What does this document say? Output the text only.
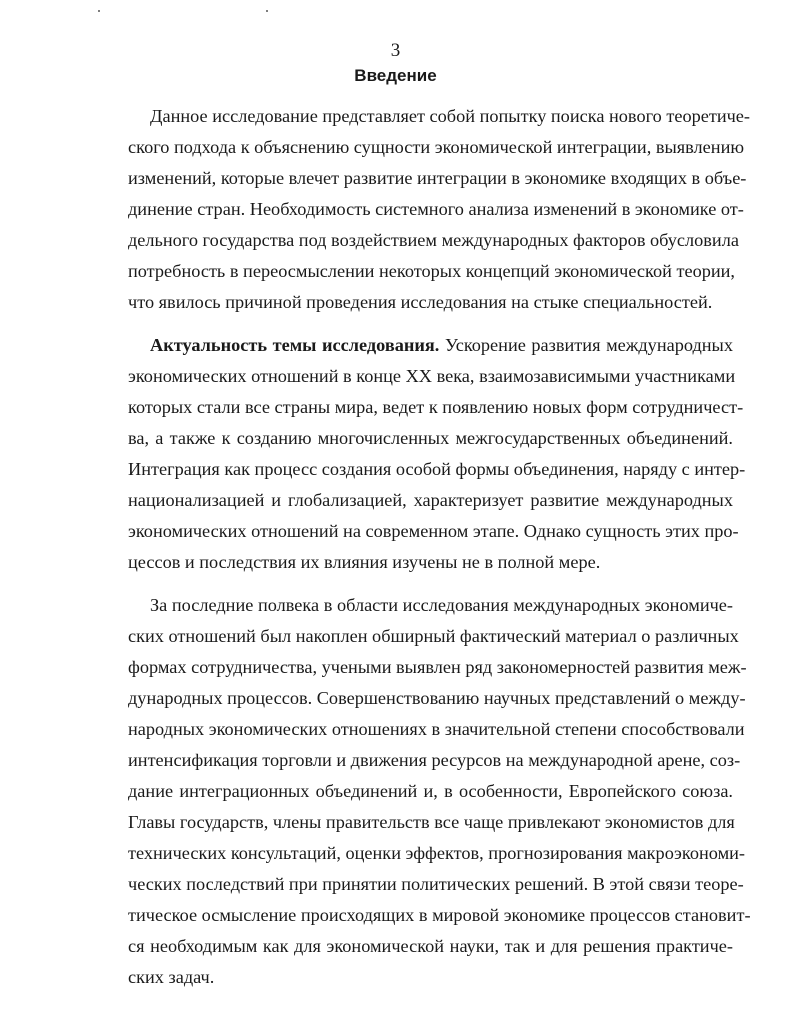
3
Введение
Данное исследование представляет собой попытку поиска нового теоретиче-
ского подхода к объяснению сущности экономической интеграции, выявлению
изменений, которые влечет развитие интеграции в экономике входящих в объе-
динение стран. Необходимость системного анализа изменений в экономике от-
дельного государства под воздействием международных факторов обусловила
потребность в переосмыслении некоторых концепций экономической теории,
что явилось причиной проведения исследования на стыке специальностей.
Актуальность темы исследования. Ускорение развития международных
экономических отношений в конце XX века, взаимозависимыми участниками
которых стали все страны мира, ведет к появлению новых форм сотрудничест-
ва, а также к созданию многочисленных межгосударственных объединений.
Интеграция как процесс создания особой формы объединения, наряду с интер-
национализацией и глобализацией, характеризует развитие международных
экономических отношений на современном этапе. Однако сущность этих про-
цессов и последствия их влияния изучены не в полной мере.
За последние полвека в области исследования международных экономиче-
ских отношений был накоплен обширный фактический материал о различных
формах сотрудничества, учеными выявлен ряд закономерностей развития меж-
дународных процессов. Совершенствованию научных представлений о между-
народных экономических отношениях в значительной степени способствовали
интенсификация торговли и движения ресурсов на международной арене, соз-
дание интеграционных объединений и, в особенности, Европейского союза.
Главы государств, члены правительств все чаще привлекают экономистов для
технических консультаций, оценки эффектов, прогнозирования макроэкономи-
ческих последствий при принятии политических решений. В этой связи теоре-
тическое осмысление происходящих в мировой экономике процессов становит-
ся необходимым как для экономической науки, так и для решения практиче-
ских задач.
